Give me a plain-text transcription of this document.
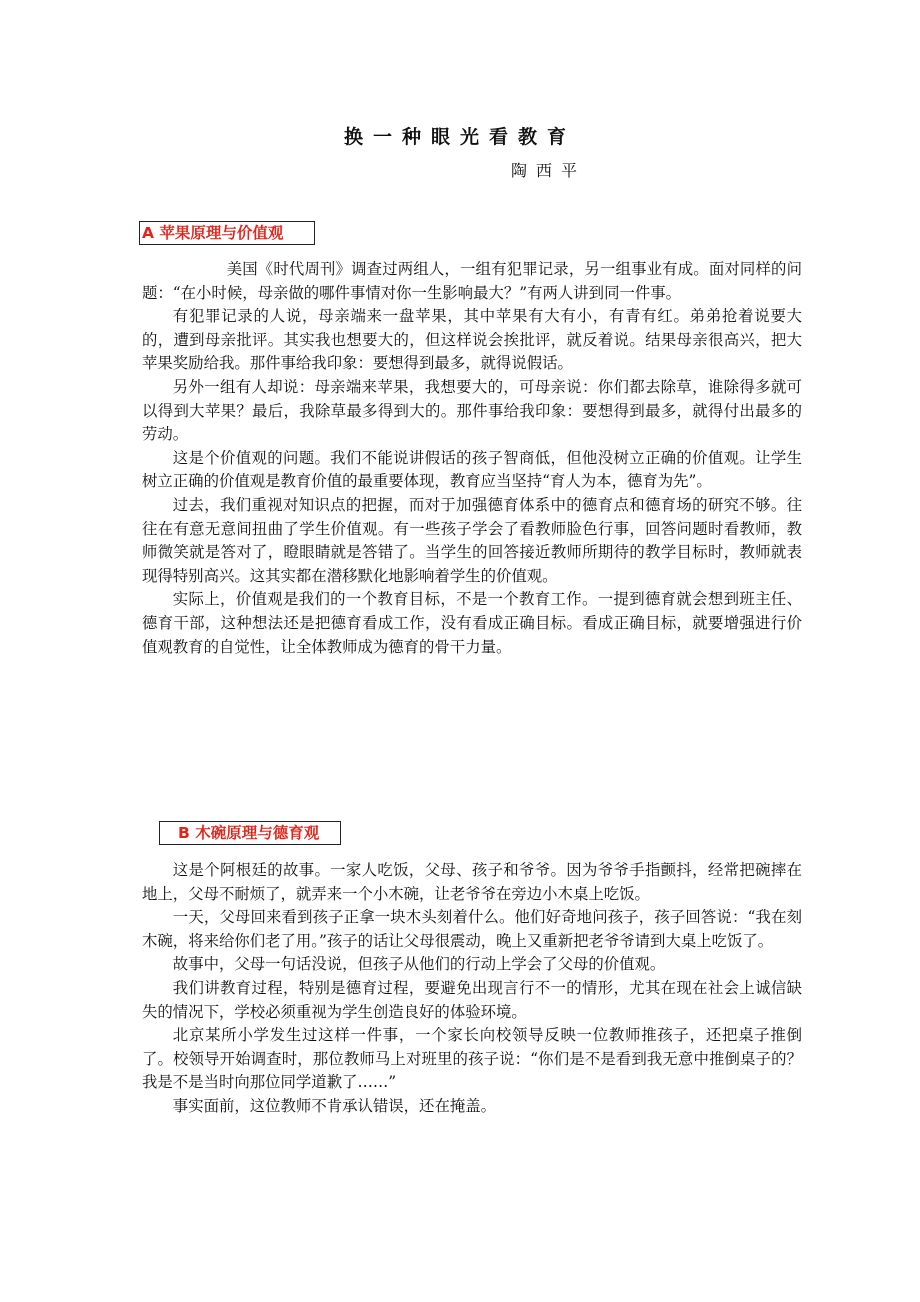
换一种眼光看教育
陶西平
A 苹果原理与价值观

美国《时代周刊》调查过两组人，一组有犯罪记录，另一组事业有成。面对同样的问题：“在小时候，母亲做的哪件事情对你一生影响最大？”有两人讲到同一件事。

有犯罪记录的人说，母亲端来一盘苹果，其中苹果有大有小，有青有红。弟弟抢着说要大的，遭到母亲批评。其实我也想要大的，但这样说会挨批评，就反着说。结果母亲很高兴，把大苹果奖励给我。那件事给我印象：要想得到最多，就得说假话。

另外一组有人却说：母亲端来苹果，我想要大的，可母亲说：你们都去除草，谁除得多就可以得到大苹果？最后，我除草最多得到大的。那件事给我印象：要想得到最多，就得付出最多的劳动。

这是个价值观的问题。我们不能说讲假话的孩子智商低，但他没树立正确的价值观。让学生树立正确的价值观是教育价值的最重要体现，教育应当坚持“育人为本，德育为先”。

过去，我们重视对知识点的把握，而对于加强德育体系中的德育点和德育场的研究不够。往往在有意无意间扭曲了学生价值观。有一些孩子学会了看教师脸色行事，回答问题时看教师，教师微笑就是答对了，瞪眼睛就是答错了。当学生的回答接近教师所期待的教学目标时，教师就表现得特别高兴。这其实都在潜移默化地影响着学生的价值观。

实际上，价值观是我们的一个教育目标，不是一个教育工作。一提到德育就会想到班主任、德育干部，这种想法还是把德育看成工作，没有看成正确目标。看成正确目标，就要增强进行价值观教育的自觉性，让全体教师成为德育的骨干力量。

B 木碗原理与德育观

这是个阿根廷的故事。一家人吃饭，父母、孩子和爷爷。因为爷爷手指颤抖，经常把碗摔在地上，父母不耐烦了，就弄来一个小木碗，让老爷爷在旁边小木桌上吃饭。

一天，父母回来看到孩子正拿一块木头刻着什么。他们好奇地问孩子，孩子回答说：“我在刻木碗，将来给你们老了用。”孩子的话让父母很震动，晚上又重新把老爷爷请到大桌上吃饭了。

故事中，父母一句话没说，但孩子从他们的行动上学会了父母的价值观。

我们讲教育过程，特别是德育过程，要避免出现言行不一的情形，尤其在现在社会上诚信缺失的情况下，学校必须重视为学生创造良好的体验环境。

北京某所小学发生过这样一件事，一个家长向校领导反映一位教师推孩子，还把桌子推倒了。校领导开始调查时，那位教师马上对班里的孩子说：“你们是不是看到我无意中推倒桌子的？我是不是当时向那位同学道歉了……”

事实面前，这位教师不肯承认错误，还在掩盖。
